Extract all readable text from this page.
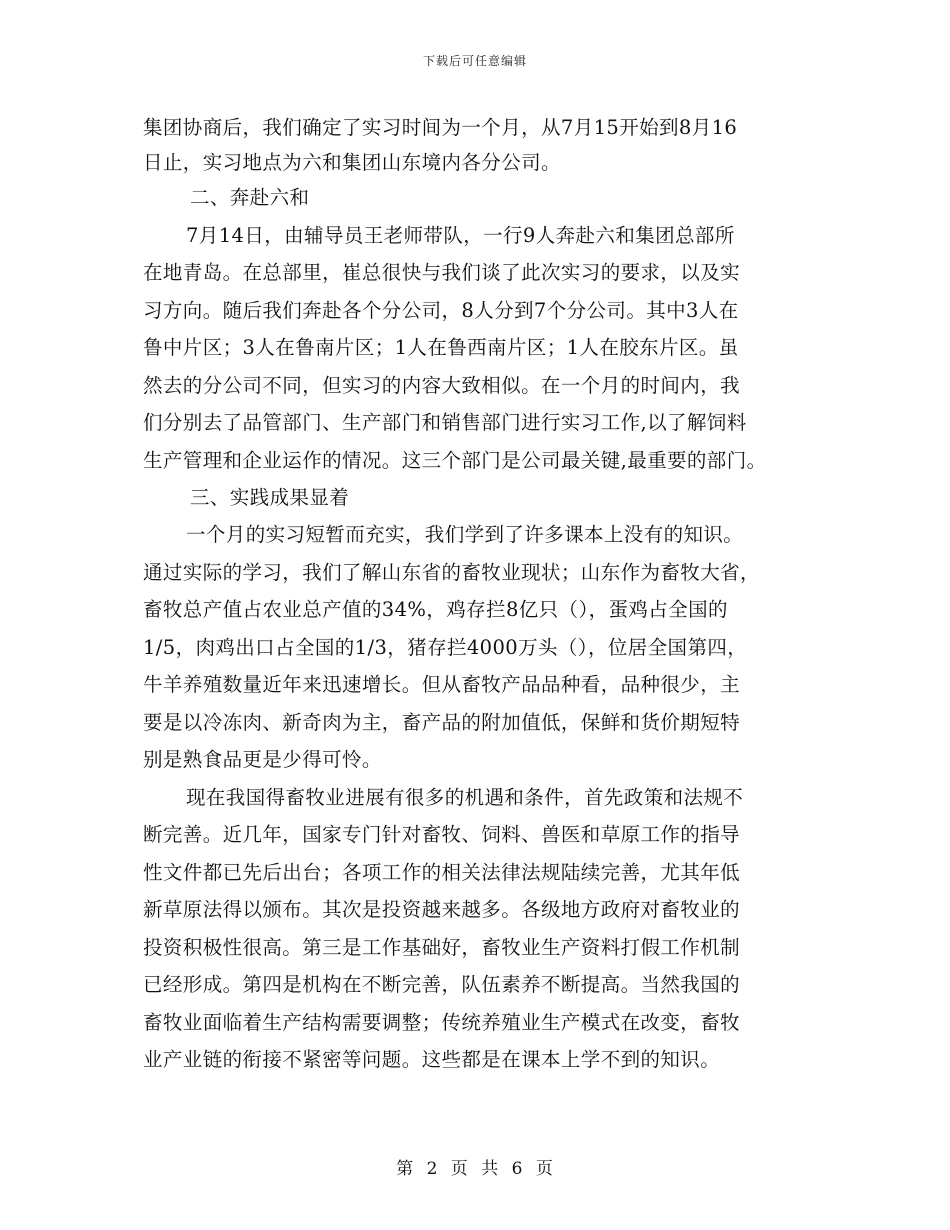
下载后可任意编辑
集团协商后，我们确定了实习时间为一个月，从7月15开始到8月16
日止，实习地点为六和集团山东境内各分公司。
二、奔赴六和
7月14日，由辅导员王老师带队，一行9人奔赴六和集团总部所
在地青岛。在总部里，崔总很快与我们谈了此次实习的要求，以及实
习方向。随后我们奔赴各个分公司，8人分到7个分公司。其中3人在
鲁中片区；3人在鲁南片区；1人在鲁西南片区；1人在胶东片区。虽
然去的分公司不同，但实习的内容大致相似。在一个月的时间内，我
们分别去了品管部门、生产部门和销售部门进行实习工作,以了解饲料
生产管理和企业运作的情况。这三个部门是公司最关键,最重要的部门。
三、实践成果显着
一个月的实习短暂而充实，我们学到了许多课本上没有的知识。
通过实际的学习，我们了解山东省的畜牧业现状；山东作为畜牧大省，
畜牧总产值占农业总产值的34%，鸡存拦8亿只（），蛋鸡占全国的
1/5，肉鸡出口占全国的1/3，猪存拦4000万头（），位居全国第四，
牛羊养殖数量近年来迅速增长。但从畜牧产品品种看，品种很少，主
要是以冷冻肉、新奇肉为主，畜产品的附加值低，保鲜和货价期短特
别是熟食品更是少得可怜。
现在我国得畜牧业进展有很多的机遇和条件，首先政策和法规不
断完善。近几年，国家专门针对畜牧、饲料、兽医和草原工作的指导
性文件都已先后出台；各项工作的相关法律法规陆续完善，尤其年低
新草原法得以颁布。其次是投资越来越多。各级地方政府对畜牧业的
投资积极性很高。第三是工作基础好，畜牧业生产资料打假工作机制
已经形成。第四是机构在不断完善，队伍素养不断提高。当然我国的
畜牧业面临着生产结构需要调整；传统养殖业生产模式在改变，畜牧
业产业链的衔接不紧密等问题。这些都是在课本上学不到的知识。
第 2 页 共 6 页
